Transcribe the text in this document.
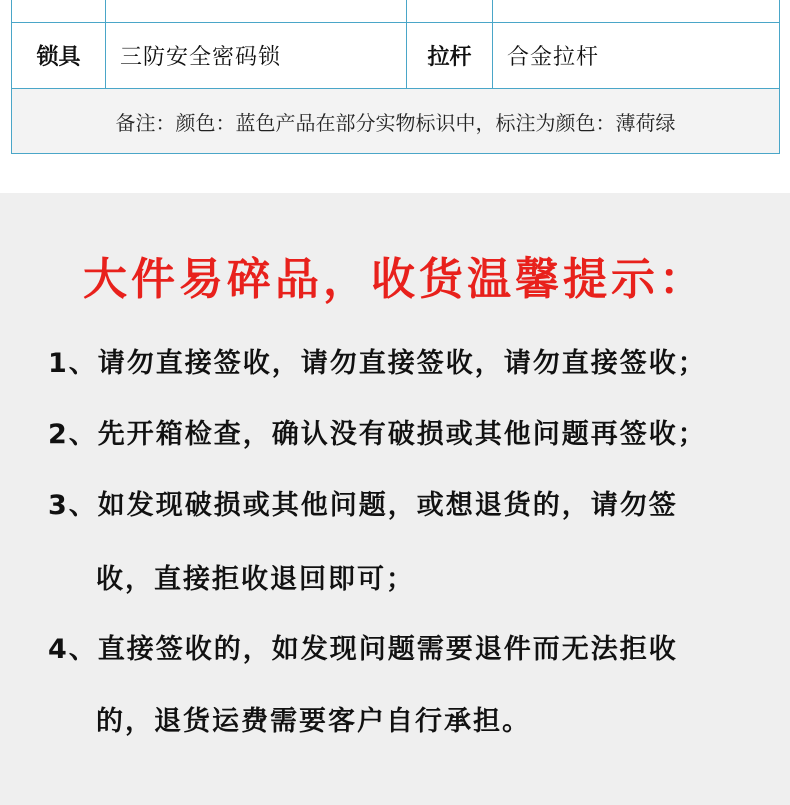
锁具	三防安全密码锁	拉杆	合金拉杆
备注：颜色：蓝色产品在部分实物标识中，标注为颜色：薄荷绿			
大件易碎品，收货温馨提示：
1、请勿直接签收，请勿直接签收，请勿直接签收；
2、先开箱检查，确认没有破损或其他问题再签收；
3、如发现破损或其他问题，或想退货的，请勿签
收，直接拒收退回即可；
4、直接签收的，如发现问题需要退件而无法拒收
的，退货运费需要客户自行承担。
